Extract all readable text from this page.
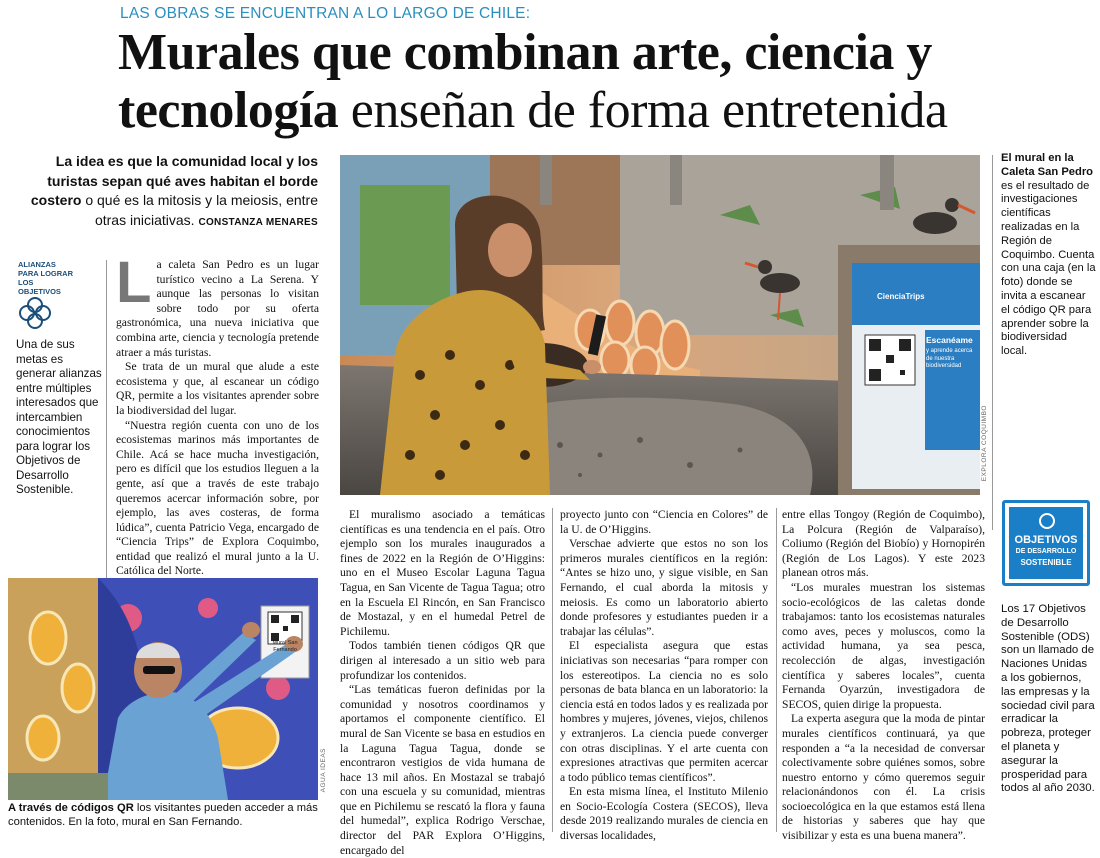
LAS OBRAS SE ENCUENTRAN A LO LARGO DE CHILE:
Murales que combinan arte, ciencia y
tecnología enseñan de forma entretenida
La idea es que la comunidad local y los turistas sepan qué aves habitan el borde costero o qué es la mitosis y la meiosis, entre otras iniciativas. CONSTANZA MENARES
ALIANZAS PARA LOGRAR LOS OBJETIVOS
Una de sus metas es generar alianzas entre múltiples interesados que intercambien conocimientos para lograr los Objetivos de Desarrollo Sostenible.
CienciaTrips
Escanéame
y aprende acerca de nuestra biodiversidad
EXPLORA COQUIMBO
El mural en la Caleta San Pedro es el resultado de investigaciones científicas realizadas en la Región de Coquimbo. Cuenta con una caja (en la foto) donde se invita a escanear el código QR para aprender sobre la biodiversidad local.
OBJETIVOS
DE DESARROLLO
SOSTENIBLE
Los 17 Objetivos de Desarrollo Sostenible (ODS) son un llamado de Naciones Unidas a los gobiernos, las empresas y la sociedad civil para erradicar la pobreza, proteger el planeta y asegurar la prosperidad para todos al año 2030.
L a caleta San Pedro es un lugar turístico vecino a La Serena. Y aunque las personas lo visitan sobre todo por su oferta gastronómica, una nueva iniciativa que combina arte, ciencia y tecnología pretende atraer a más turistas.

Se trata de un mural que alude a este ecosistema y que, al escanear un código QR, permite a los visitantes aprender sobre la biodiversidad del lugar.

“Nuestra región cuenta con uno de los ecosistemas marinos más importantes de Chile. Acá se hace mucha investigación, pero es difícil que los estudios lleguen a la gente, así que a través de este trabajo queremos acercar información sobre, por ejemplo, las aves costeras, de forma lúdica”, cuenta Patricio Vega, encargado de “Ciencia Trips” de Explora Coquimbo, entidad que realizó el mural junto a la U. Católica del Norte.

Mural San Fernando
AGUA IDEAS
A través de códigos QR los visitantes pueden acceder a más contenidos. En la foto, mural en San Fernando.

El muralismo asociado a temáticas científicas es una tendencia en el país. Otro ejemplo son los murales inaugurados a fines de 2022 en la Región de O’Higgins: uno en el Museo Escolar Laguna Tagua Tagua, en San Vicente de Tagua Tagua; otro en la Escuela El Rincón, en San Francisco de Mostazal, y en el humedal Petrel de Pichilemu.

Todos también tienen códigos QR que dirigen al interesado a un sitio web para profundizar los contenidos.

“Las temáticas fueron definidas por la comunidad y nosotros coordinamos y aportamos el componente científico. El mural de San Vicente se basa en estudios en la Laguna Tagua Tagua, donde se encontraron vestigios de vida humana de hace 13 mil años. En Mostazal se trabajó con una escuela y su comunidad, mientras que en Pichilemu se rescató la flora y fauna del humedal”, explica Rodrigo Verschae, director del PAR Explora O’Higgins, encargado del

proyecto junto con “Ciencia en Colores” de la U. de O’Higgins.

Verschae advierte que estos no son los primeros murales científicos en la región: “Antes se hizo uno, y sigue visible, en San Fernando, el cual aborda la mitosis y meiosis. Es como un laboratorio abierto donde profesores y estudiantes pueden ir a trabajar las células”.

El especialista asegura que estas iniciativas son necesarias “para romper con los estereotipos. La ciencia no es solo personas de bata blanca en un laboratorio: la ciencia está en todos lados y es realizada por hombres y mujeres, jóvenes, viejos, chilenos y extranjeros. La ciencia puede converger con otras disciplinas. Y el arte cuenta con expresiones atractivas que permiten acercar a todo público temas científicos”.

En esta misma línea, el Instituto Milenio en Socio-Ecología Costera (SECOS), lleva desde 2019 realizando murales de ciencia en diversas localidades,

entre ellas Tongoy (Región de Coquimbo), La Polcura (Región de Valparaíso), Coliumo (Región del Biobío) y Hornopirén (Región de Los Lagos). Y este 2023 planean otros más.

“Los murales muestran los sistemas socio-ecológicos de las caletas donde trabajamos: tanto los ecosistemas naturales como aves, peces y moluscos, como la actividad humana, ya sea pesca, recolección de algas, investigación científica y saberes locales”, cuenta Fernanda Oyarzún, investigadora de SECOS, quien dirige la propuesta.

La experta asegura que la moda de pintar murales científicos continuará, ya que responden a “a la necesidad de conversar colectivamente sobre quiénes somos, sobre nuestro entorno y cómo queremos seguir relacionándonos con él. La crisis socioecológica en la que estamos está llena de historias y saberes que hay que visibilizar y esta es una buena manera”.
